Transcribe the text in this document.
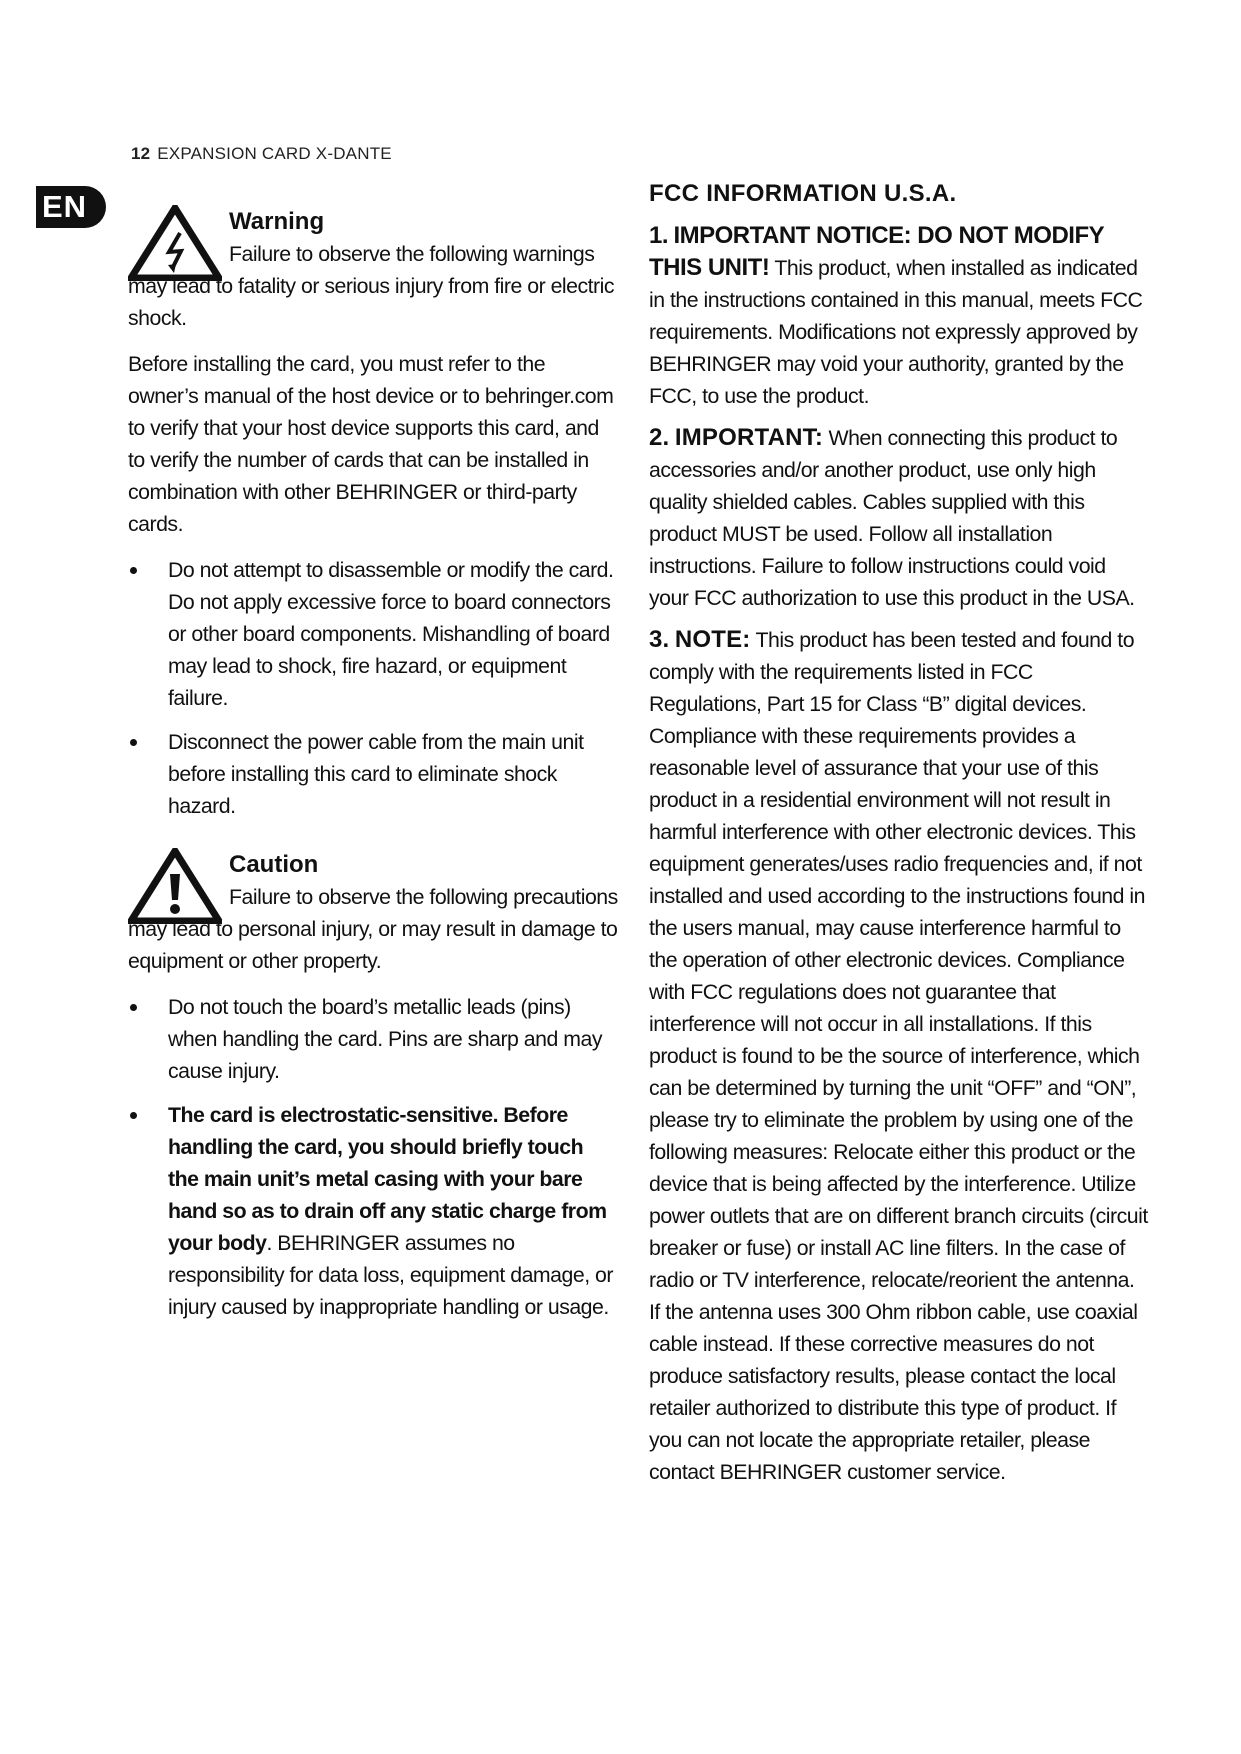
12 EXPANSION CARD X-DANTE
EN	Warning

Failure to observe the following warnings may lead to fatality or serious injury from fire or electric shock.

Before installing the card, you must refer to the owner’s manual of the host device or to behringer.com to verify that your host device supports this card, and to verify the number of cards that can be installed in combination with other BEHRINGER or third-party cards.

Do not attempt to disassemble or modify the card. Do not apply excessive force to board connectors or other board components. Mishandling of board may lead to shock, fire hazard, or equipment failure.
Disconnect the power cable from the main unit before installing this card to eliminate shock hazard.
Caution

Failure to observe the following precautions may lead to personal injury, or may result in damage to equipment or other property.

Do not touch the board’s metallic leads (pins) when handling the card. Pins are sharp and may cause injury.
The card is electrostatic-sensitive. Before handling the card, you should briefly touch the main unit’s metal casing with your bare hand so as to drain off any static charge from your body. BEHRINGER assumes no responsibility for data loss, equipment damage, or injury caused by inappropriate handling or usage.
FCC INFORMATION U.S.A.

1. IMPORTANT NOTICE: DO NOT MODIFY THIS UNIT! This product, when installed as indicated in the instructions contained in this manual, meets FCC requirements. Modifications not expressly approved by BEHRINGER may void your authority, granted by the FCC, to use the product.

2. IMPORTANT: When connecting this product to accessories and/or another product, use only high quality shielded cables. Cables supplied with this product MUST be used. Follow all installation instructions. Failure to follow instructions could void your FCC authorization to use this product in the USA.

3. NOTE: This product has been tested and found to comply with the requirements listed in FCC Regulations, Part 15 for Class “B” digital devices. Compliance with these requirements provides a reasonable level of assurance that your use of this product in a residential environment will not result in harmful interference with other electronic devices. This equipment generates/uses radio frequencies and, if not installed and used according to the instructions found in the users manual, may cause interference harmful to the operation of other electronic devices. Compliance with FCC regulations does not guarantee that interference will not occur in all installations. If this product is found to be the source of interference, which can be determined by turning the unit “OFF” and “ON”, please try to eliminate the problem by using one of the following measures: Relocate either this product or the device that is being affected by the interference. Utilize power outlets that are on different branch circuits (circuit breaker or fuse) or install AC line filters. In the case of radio or TV interference, relocate/reorient the antenna. If the antenna uses 300 Ohm ribbon cable, use coaxial cable instead. If these corrective measures do not produce satisfactory results, please contact the local retailer authorized to distribute this type of product. If you can not locate the appropriate retailer, please contact BEHRINGER customer service.
